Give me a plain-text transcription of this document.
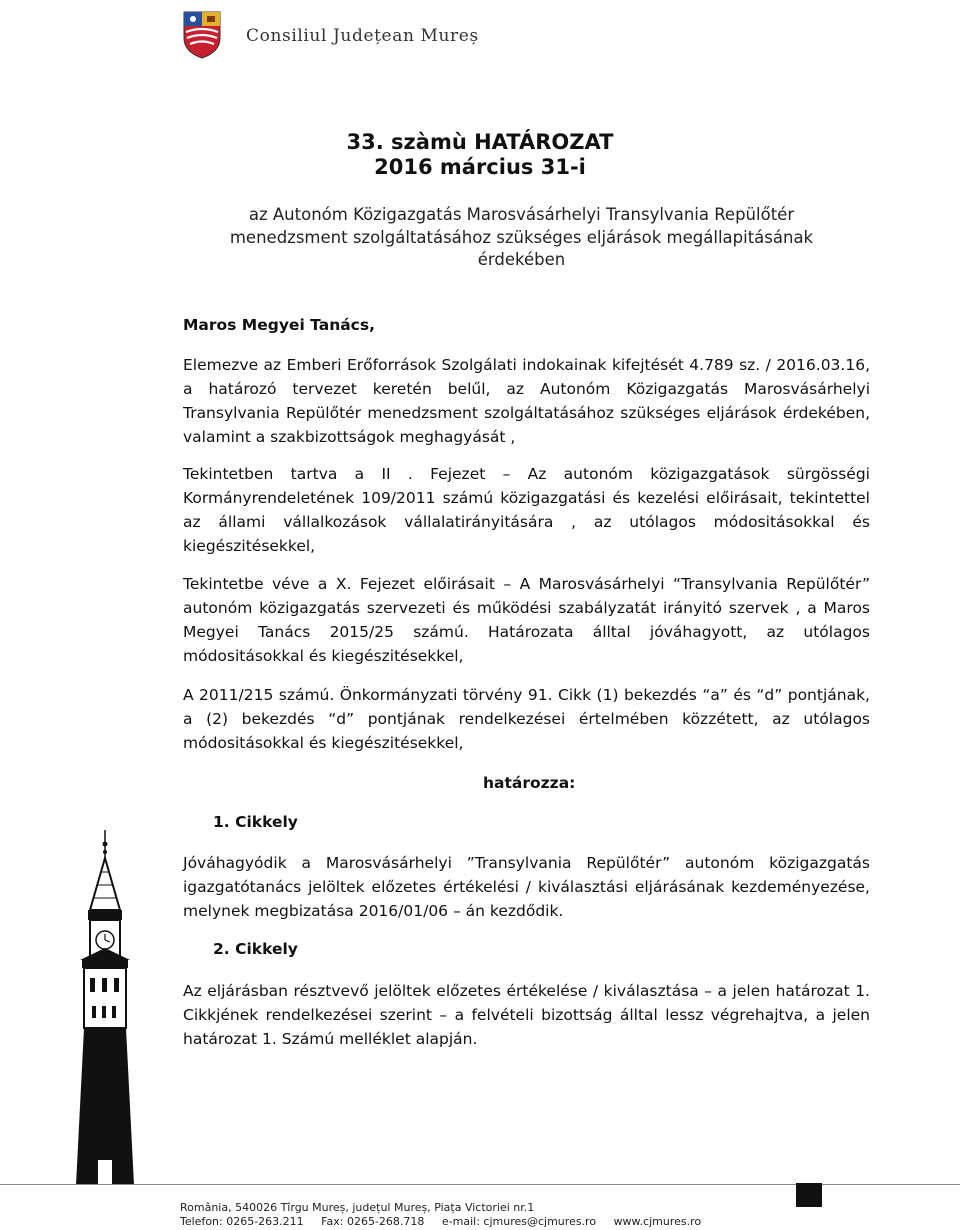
Consiliul Județean Mureș
33. szàmù HATÁROZAT
2016 március 31-i
az Autonóm Közigazgatás Marosvásárhelyi Transylvania Repülőtér
menedzsment szolgáltatásához szükséges eljárások megállapitásának
érdekében
Maros Megyei Tanács,

Elemezve az Emberi Erőforrások Szolgálati indokainak kifejtését 4.789 sz. / 2016.03.16, a határozó tervezet keretén belűl, az Autonóm Közigazgatás Marosvásárhelyi Transylvania Repülőtér menedzsment szolgáltatásához szükséges eljárások érdekében, valamint a szakbizottságok meghagyását ,

Tekintetben tartva a II . Fejezet – Az autonóm közigazgatások sürgösségi Kormányrendeletének 109/2011 számú közigazgatási és kezelési előirásait, tekintettel az állami vállalkozások vállalatirányitására , az utólagos módositásokkal és kiegészitésekkel,

Tekintetbe véve a X. Fejezet előirásait – A Marosvásárhelyi “Transylvania Repülőtér” autonóm közigazgatás szervezeti és működési szabályzatát irányitó szervek , a Maros Megyei Tanács 2015/25 számú. Határozata álltal jóváhagyott, az utólagos módositásokkal és kiegészitésekkel,

A 2011/215 számú. Önkormányzati törvény 91. Cikk (1) bekezdés “a” és “d” pontjának, a (2) bekezdés “d” pontjának rendelkezései értelmében közzétett, az utólagos módositásokkal és kiegészitésekkel,

Jóváhagyódik a Marosvásárhelyi ”Transylvania Repülőtér” autonóm közigazgatás igazgatótanács jelöltek előzetes értékelési / kiválasztási eljárásának kezdeményezése, melynek megbizatása 2016/01/06 – án kezdődik.

Az eljárásban résztvevő jelöltek előzetes értékelése / kiválasztása – a jelen határozat 1. Cikkjének rendelkezései szerint – a felvételi bizottság álltal lessz végrehajtva, a jelen határozat 1. Számú melléklet alapján.

határozza:
1. Cikkely
2. Cikkely
România, 540026 Tîrgu Mureș, județul Mureș, Piața Victoriei nr.1
Telefon: 0265-263.211 Fax: 0265-268.718 e-mail: cjmures@cjmures.ro www.cjmures.ro
